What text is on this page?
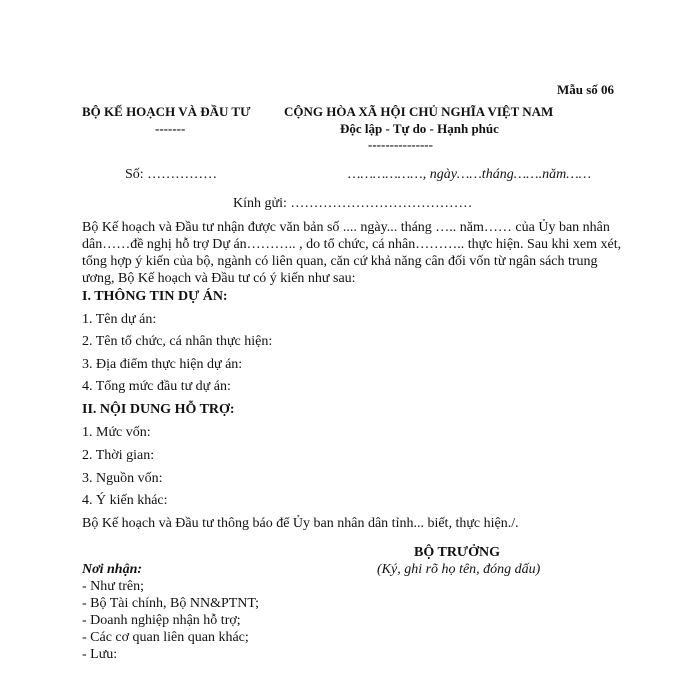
Mẫu số 06
BỘ KẾ HOẠCH VÀ ĐẦU TƯ
-------
CỘNG HÒA XÃ HỘI CHỦ NGHĨA VIỆT NAM
Độc lập - Tự do - Hạnh phúc
---------------
Số: ……………	………………, ngày……tháng…….năm……
Kính gửi: …………………………………
Bộ Kế hoạch và Đầu tư nhận được văn bản số .... ngày... tháng ….. năm…… của Ủy ban nhân
dân……đề nghị hỗ trợ Dự án……….. , do tổ chức, cá nhân……….. thực hiện. Sau khi xem xét,
tổng hợp ý kiến của bộ, ngành có liên quan, căn cứ khả năng cân đối vốn từ ngân sách trung
ương, Bộ Kế hoạch và Đầu tư có ý kiến như sau:
I. THÔNG TIN DỰ ÁN:
1. Tên dự án:
2. Tên tổ chức, cá nhân thực hiện:
3. Địa điểm thực hiện dự án:
4. Tổng mức đầu tư dự án:
II. NỘI DUNG HỖ TRỢ:
1. Mức vốn:
2. Thời gian:
3. Nguồn vốn:
4. Ý kiến khác:
Bộ Kế hoạch và Đầu tư thông báo để Ủy ban nhân dân tỉnh... biết, thực hiện./.
BỘ TRƯỞNG
(Ký, ghi rõ họ tên, đóng dấu)
Nơi nhận:
- Như trên;
- Bộ Tài chính, Bộ NN&PTNT;
- Doanh nghiệp nhận hỗ trợ;
- Các cơ quan liên quan khác;
- Lưu:
